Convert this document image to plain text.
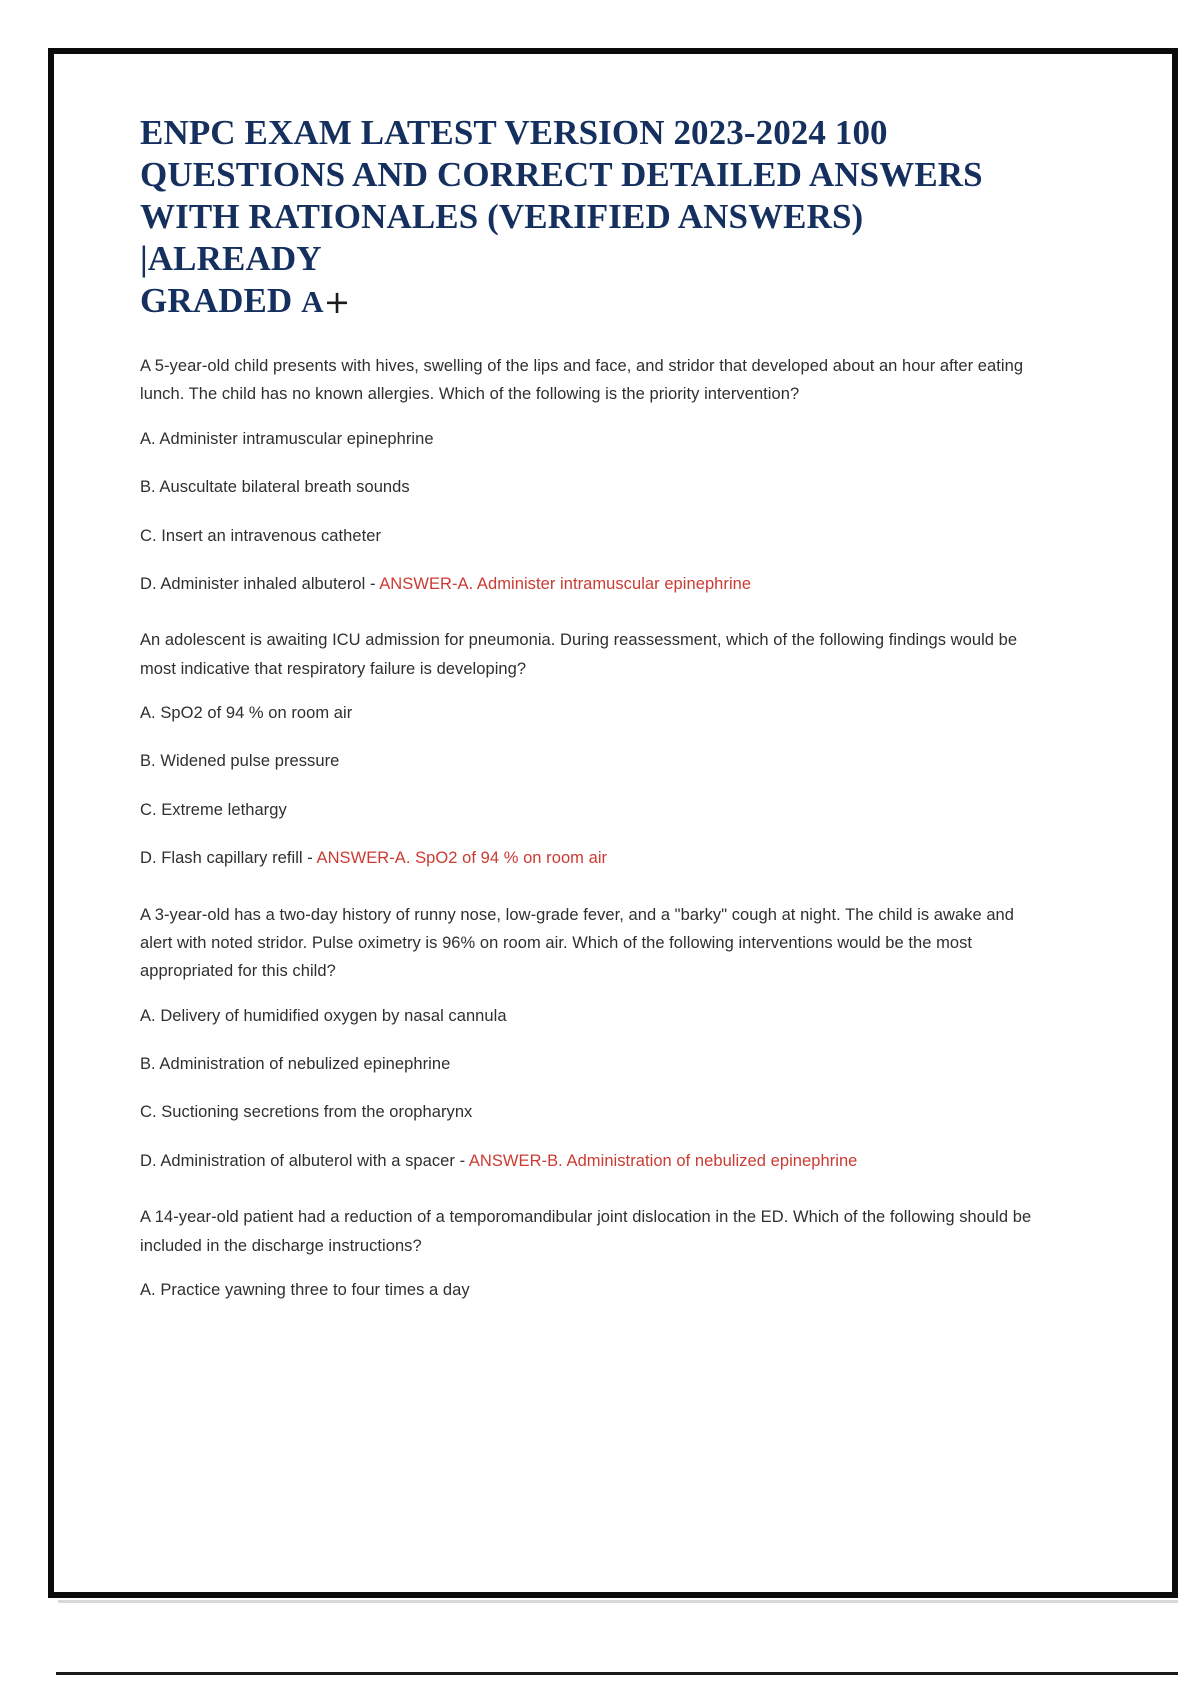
ENPC EXAM LATEST VERSION 2023-2024 100
QUESTIONS AND CORRECT DETAILED ANSWERS
WITH RATIONALES (VERIFIED ANSWERS) |ALREADY
GRADED A+

A 5-year-old child presents with hives, swelling of the lips and face, and stridor that developed about an hour after eating lunch. The child has no known allergies. Which of the following is the priority intervention?

A. Administer intramuscular epinephrine

B. Auscultate bilateral breath sounds

C. Insert an intravenous catheter

D. Administer inhaled albuterol - ANSWER-A. Administer intramuscular epinephrine

An adolescent is awaiting ICU admission for pneumonia. During reassessment, which of the following findings would be most indicative that respiratory failure is developing?

A. SpO2 of 94 % on room air

B. Widened pulse pressure

C. Extreme lethargy

D. Flash capillary refill - ANSWER-A. SpO2 of 94 % on room air

A 3-year-old has a two-day history of runny nose, low-grade fever, and a "barky" cough at night. The child is awake and alert with noted stridor. Pulse oximetry is 96% on room air. Which of the following interventions would be the most appropriated for this child?

A. Delivery of humidified oxygen by nasal cannula

B. Administration of nebulized epinephrine

C. Suctioning secretions from the oropharynx

D. Administration of albuterol with a spacer - ANSWER-B. Administration of nebulized epinephrine

A 14-year-old patient had a reduction of a temporomandibular joint dislocation in the ED. Which of the following should be included in the discharge instructions?

A. Practice yawning three to four times a day
